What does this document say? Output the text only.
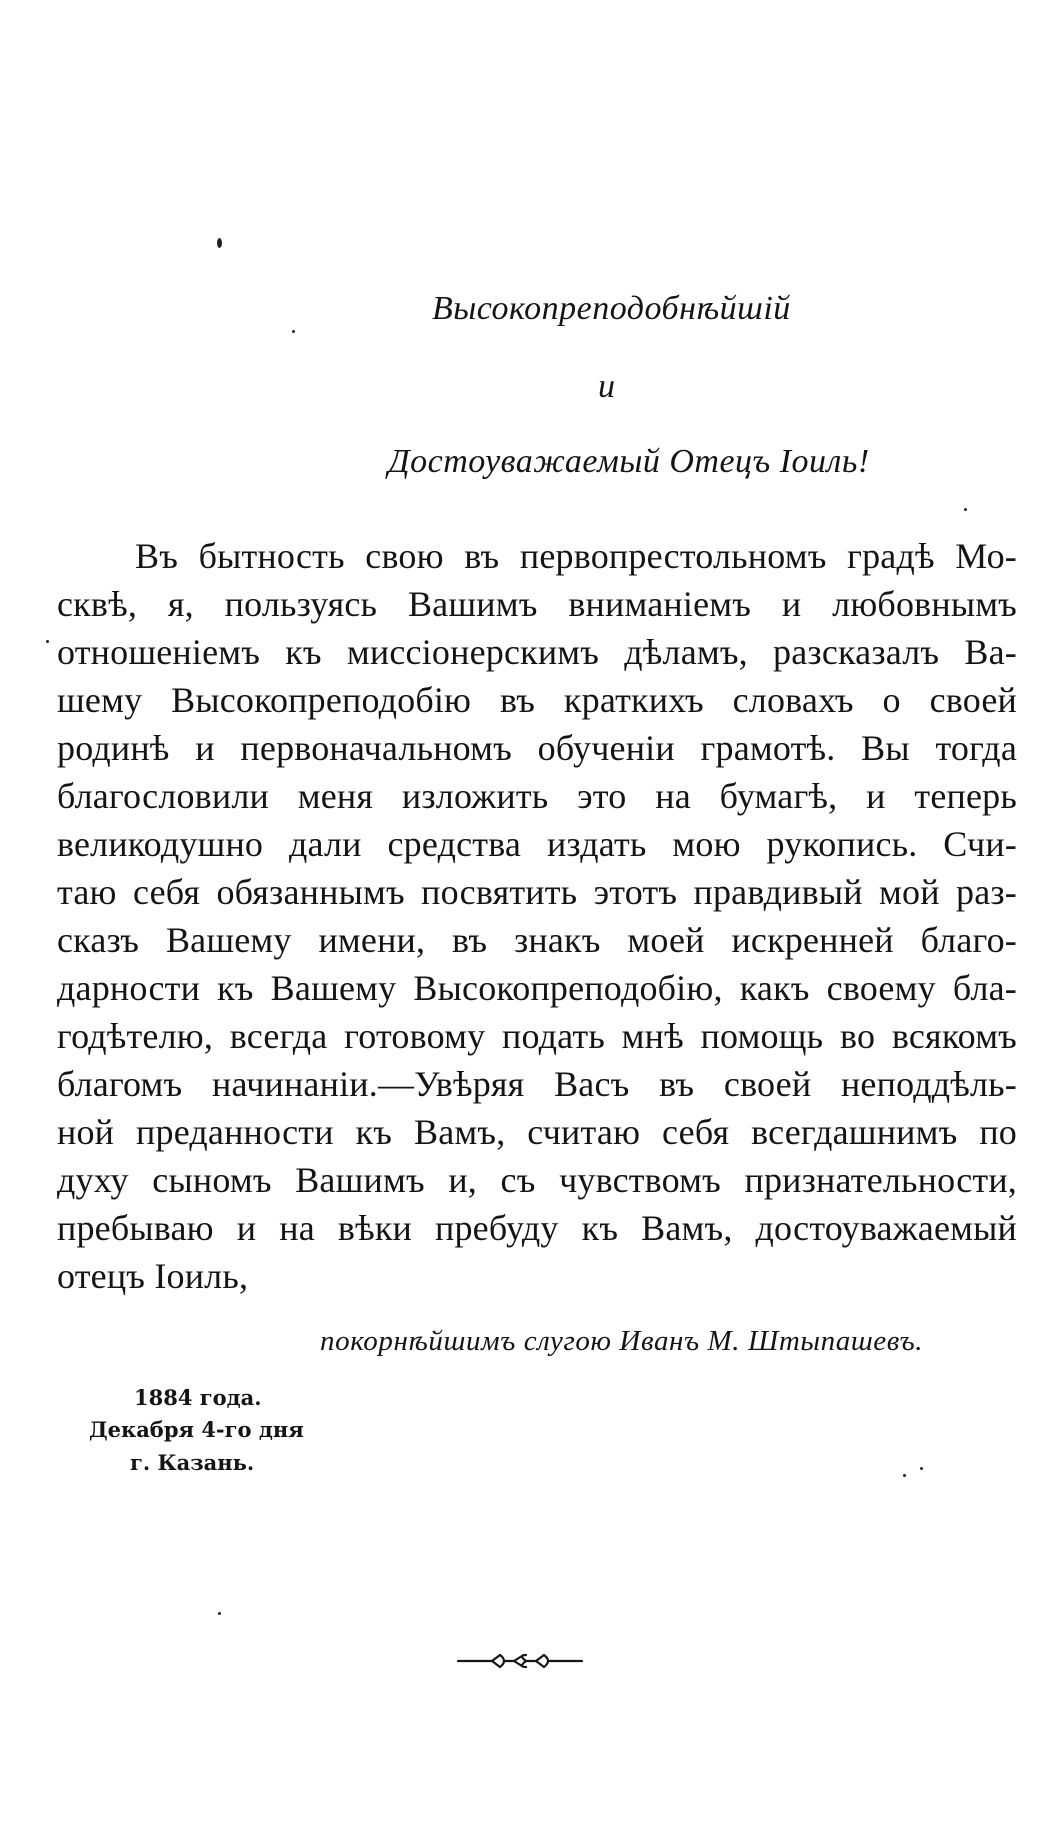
Высокопреподобнѣйшій
и
Достоуважаемый Отецъ Іоиль!
Въ бытность свою въ первопрестольномъ градѣ Мо-
сквѣ, я, пользуясь Вашимъ вниманіемъ и любовнымъ
отношеніемъ къ миссіонерскимъ дѣламъ, разсказалъ Ва-
шему Высокопреподобію въ краткихъ словахъ о своей
родинѣ и первоначальномъ обученіи грамотѣ. Вы тогда
благословили меня изложить это на бумагѣ, и теперь
великодушно дали средства издать мою рукопись. Счи-
таю себя обязаннымъ посвятить этотъ правдивый мой раз-
сказъ Вашему имени, въ знакъ моей искренней благо-
дарности къ Вашему Высокопреподобію, какъ своему бла-
годѣтелю, всегда готовому подать мнѣ помощь во всякомъ
благомъ начинаніи.—Увѣряя Васъ въ своей неподдѣль-
ной преданности къ Вамъ, считаю себя всегдашнимъ по
духу сыномъ Вашимъ и, съ чувствомъ признательности,
пребываю и на вѣки пребуду къ Вамъ, достоуважаемый
отецъ Іоиль,
покорнѣйшимъ слугою Иванъ М. Штыпашевъ.
1884 года.
Декабря 4-го дня
г. Казань.
